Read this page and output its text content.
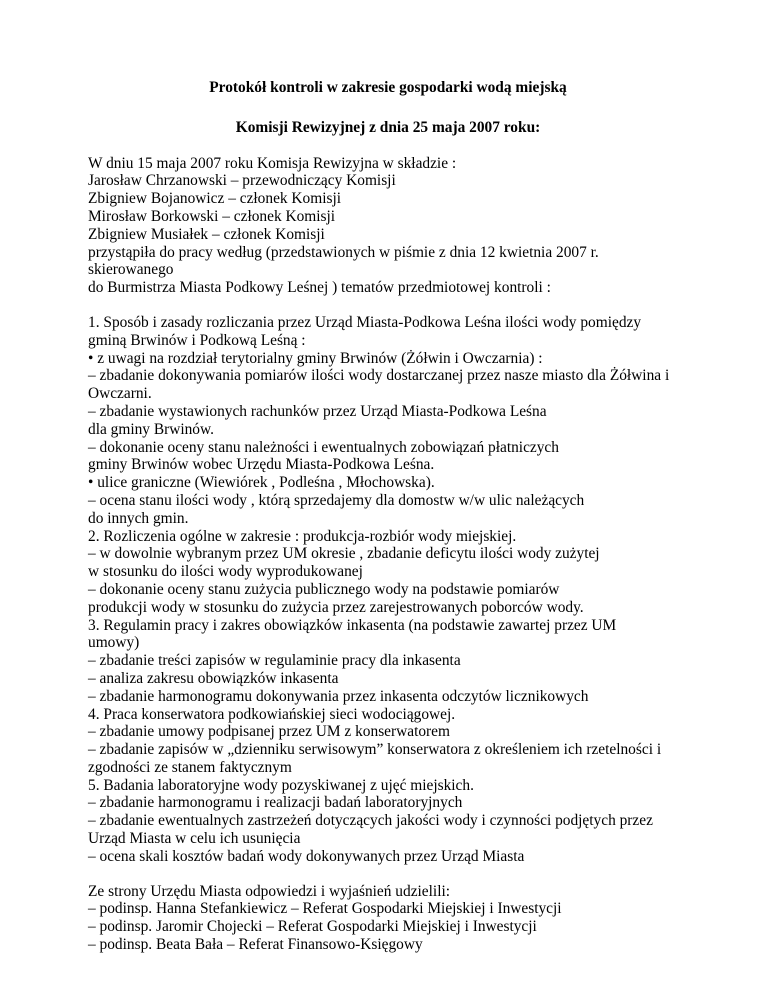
Protokół kontroli w zakresie gospodarki wodą miejską

Komisji Rewizyjnej z dnia 25 maja 2007 roku:

W dniu 15 maja 2007 roku Komisja Rewizyjna w składzie :
Jarosław Chrzanowski – przewodniczący Komisji
Zbigniew Bojanowicz – członek Komisji
Mirosław Borkowski – członek Komisji
Zbigniew Musiałek – członek Komisji
przystąpiła do pracy według (przedstawionych w piśmie z dnia 12 kwietnia 2007 r.
skierowanego
do Burmistrza Miasta Podkowy Leśnej ) tematów przedmiotowej kontroli :
1. Sposób i zasady rozliczania przez Urząd Miasta-Podkowa Leśna ilości wody pomiędzy
gminą Brwinów i Podkową Leśną :
• z uwagi na rozdział terytorialny gminy Brwinów (Żółwin i Owczarnia) :
– zbadanie dokonywania pomiarów ilości wody dostarczanej przez nasze miasto dla Żółwina i
Owczarni.
– zbadanie wystawionych rachunków przez Urząd Miasta-Podkowa Leśna
dla gminy Brwinów.
– dokonanie oceny stanu należności i ewentualnych zobowiązań płatniczych
gminy Brwinów wobec Urzędu Miasta-Podkowa Leśna.
• ulice graniczne (Wiewiórek , Podleśna , Młochowska).
– ocena stanu ilości wody , którą sprzedajemy dla domostw w/w ulic należących
do innych gmin.
2. Rozliczenia ogólne w zakresie : produkcja-rozbiór wody miejskiej.
– w dowolnie wybranym przez UM okresie , zbadanie deficytu ilości wody zużytej
w stosunku do ilości wody wyprodukowanej
– dokonanie oceny stanu zużycia publicznego wody na podstawie pomiarów
produkcji wody w stosunku do zużycia przez zarejestrowanych poborców wody.
3. Regulamin pracy i zakres obowiązków inkasenta (na podstawie zawartej przez UM
umowy)
– zbadanie treści zapisów w regulaminie pracy dla inkasenta
– analiza zakresu obowiązków inkasenta
– zbadanie harmonogramu dokonywania przez inkasenta odczytów licznikowych
4. Praca konserwatora podkowiańskiej sieci wodociągowej.
– zbadanie umowy podpisanej przez UM z konserwatorem
– zbadanie zapisów w „dzienniku serwisowym” konserwatora z określeniem ich rzetelności i
zgodności ze stanem faktycznym
5. Badania laboratoryjne wody pozyskiwanej z ujęć miejskich.
– zbadanie harmonogramu i realizacji badań laboratoryjnych
– zbadanie ewentualnych zastrzeżeń dotyczących jakości wody i czynności podjętych przez
Urząd Miasta w celu ich usunięcia
– ocena skali kosztów badań wody dokonywanych przez Urząd Miasta
Ze strony Urzędu Miasta odpowiedzi i wyjaśnień udzielili:
– podinsp. Hanna Stefankiewicz – Referat Gospodarki Miejskiej i Inwestycji
– podinsp. Jaromir Chojecki – Referat Gospodarki Miejskiej i Inwestycji
– podinsp. Beata Bała – Referat Finansowo-Księgowy
